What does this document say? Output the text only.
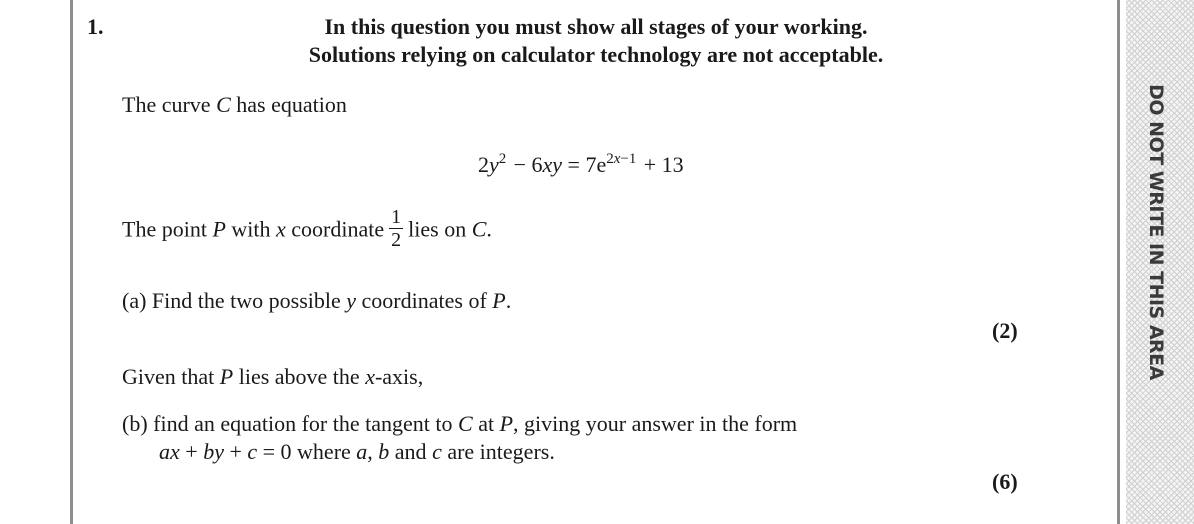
DO NOT WRITE IN THIS AREA
1.	In this question you must show all stages of your working.
Solutions relying on calculator technology are not acceptable.
The curve C has equation
$2y^2$  − $6xy = 7e^{2x-1}$  + 13
The point P with x coordinate $\frac{1}{2}$ lies on C.
(a) Find the two possible y coordinates of P.
(2)
Given that P lies above the x-axis,
(b) find an equation for the tangent to C at P, giving your answer in the form
ax + by + c = 0 where a, b and c are integers.
(6)
